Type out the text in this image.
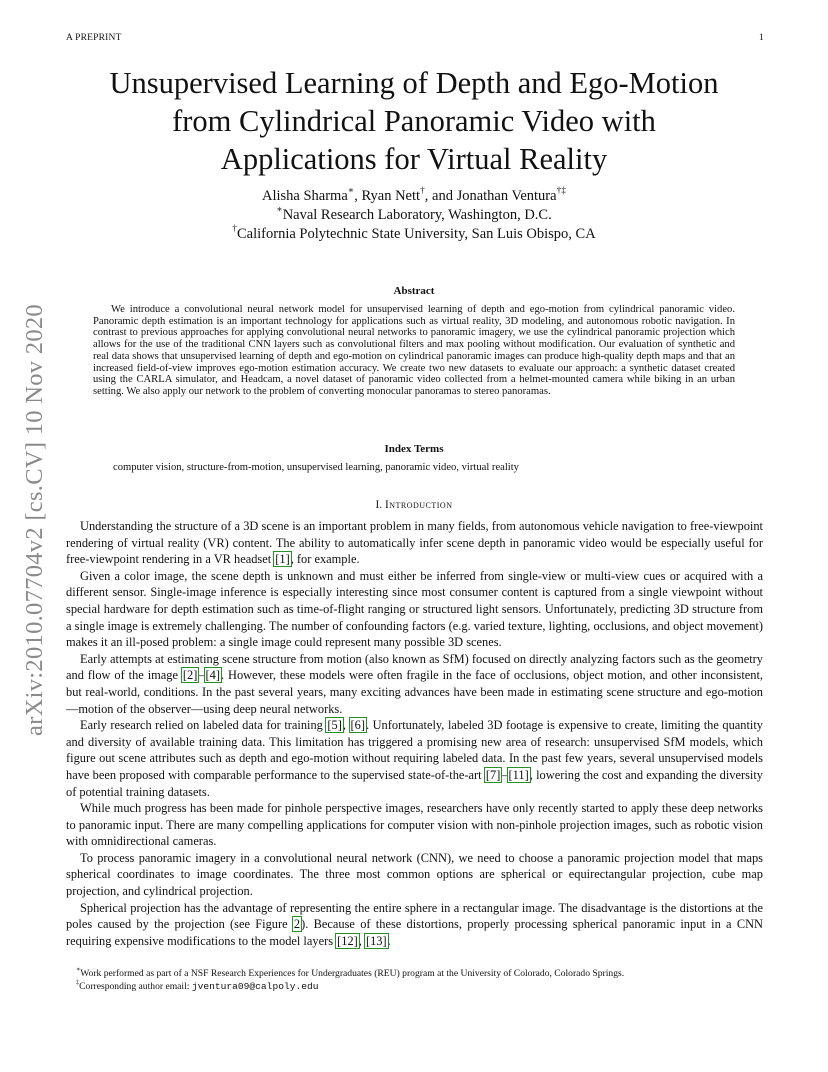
A PREPRINT	1
arXiv:2010.07704v2 [cs.CV] 10 Nov 2020
Unsupervised Learning of Depth and Ego-Motion
from Cylindrical Panoramic Video with
Applications for Virtual Reality
Alisha Sharma∗, Ryan Nett†, and Jonathan Ventura†‡
∗Naval Research Laboratory, Washington, D.C.
†California Polytechnic State University, San Luis Obispo, CA
Abstract
We introduce a convolutional neural network model for unsupervised learning of depth and ego-motion from cylindrical panoramic video. Panoramic depth estimation is an important technology for applications such as virtual reality, 3D modeling, and autonomous robotic navigation. In contrast to previous approaches for applying convolutional neural networks to panoramic imagery, we use the cylindrical panoramic projection which allows for the use of the traditional CNN layers such as convolutional filters and max pooling without modification. Our evaluation of synthetic and real data shows that unsupervised learning of depth and ego-motion on cylindrical panoramic images can produce high-quality depth maps and that an increased field-of-view improves ego-motion estimation accuracy. We create two new datasets to evaluate our approach: a synthetic dataset created using the CARLA simulator, and Headcam, a novel dataset of panoramic video collected from a helmet-mounted camera while biking in an urban setting. We also apply our network to the problem of converting monocular panoramas to stereo panoramas.
Index Terms
computer vision, structure-from-motion, unsupervised learning, panoramic video, virtual reality
I. Introduction

Understanding the structure of a 3D scene is an important problem in many fields, from autonomous vehicle navigation to free-viewpoint rendering of virtual reality (VR) content. The ability to automatically infer scene depth in panoramic video would be especially useful for free-viewpoint rendering in a VR headset [1], for example.

Given a color image, the scene depth is unknown and must either be inferred from single-view or multi-view cues or acquired with a different sensor. Single-image inference is especially interesting since most consumer content is captured from a single viewpoint without special hardware for depth estimation such as time-of-flight ranging or structured light sensors. Unfortunately, predicting 3D structure from a single image is extremely challenging. The number of confounding factors (e.g. varied texture, lighting, occlusions, and object movement) makes it an ill-posed problem: a single image could represent many possible 3D scenes.

Early attempts at estimating scene structure from motion (also known as SfM) focused on directly analyzing factors such as the geometry and flow of the image [2]–[4]. However, these models were often fragile in the face of occlusions, object motion, and other inconsistent, but real-world, conditions. In the past several years, many exciting advances have been made in estimating scene structure and ego-motion—motion of the observer—using deep neural networks.

Early research relied on labeled data for training [5], [6]. Unfortunately, labeled 3D footage is expensive to create, limiting the quantity and diversity of available training data. This limitation has triggered a promising new area of research: unsupervised SfM models, which figure out scene attributes such as depth and ego-motion without requiring labeled data. In the past few years, several unsupervised models have been proposed with comparable performance to the supervised state-of-the-art [7]–[11], lowering the cost and expanding the diversity of potential training datasets.

While much progress has been made for pinhole perspective images, researchers have only recently started to apply these deep networks to panoramic input. There are many compelling applications for computer vision with non-pinhole projection images, such as robotic vision with omnidirectional cameras.

To process panoramic imagery in a convolutional neural network (CNN), we need to choose a panoramic projection model that maps spherical coordinates to image coordinates. The three most common options are spherical or equirectangular projection, cube map projection, and cylindrical projection.

Spherical projection has the advantage of representing the entire sphere in a rectangular image. The disadvantage is the distortions at the poles caused by the projection (see Figure 2). Because of these distortions, properly processing spherical panoramic input in a CNN requiring expensive modifications to the model layers [12], [13].

∗Work performed as part of a NSF Research Experiences for Undergraduates (REU) program at the University of Colorado, Colorado Springs.
‡Corresponding author email: jventura09@calpoly.edu
